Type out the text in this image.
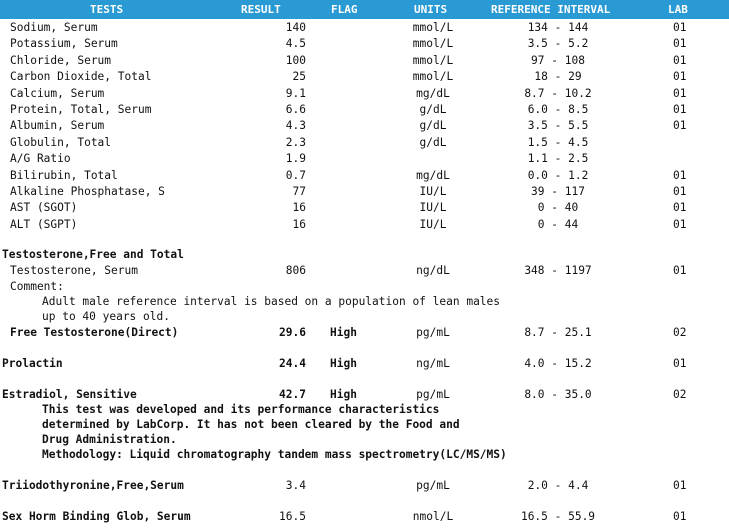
TESTS	RESULT	FLAG	UNITS	REFERENCE INTERVAL	LAB
Sodium, Serum	140	mmol/L	134 - 144	01
Potassium, Serum	4.5	mmol/L	3.5 - 5.2	01
Chloride, Serum	100	mmol/L	97 - 108	01
Carbon Dioxide, Total	25	mmol/L	18 - 29	01
Calcium, Serum	9.1	mg/dL	8.7 - 10.2	01
Protein, Total, Serum	6.6	g/dL	6.0 - 8.5	01
Albumin, Serum	4.3	g/dL	3.5 - 5.5	01
Globulin, Total	2.3	g/dL	1.5 - 4.5
A/G Ratio	1.9	1.1 - 2.5
Bilirubin, Total	0.7	mg/dL	0.0 - 1.2	01
Alkaline Phosphatase, S	77	IU/L	39 - 117	01
AST (SGOT)	16	IU/L	0 - 40	01
ALT (SGPT)	16	IU/L	0 - 44	01
Testosterone,Free and Total
Testosterone, Serum	806	ng/dL	348 - 1197	01
Comment:
Adult male reference interval is based on a population of lean males
up to 40 years old.
Free Testosterone(Direct)	29.6 High	pg/mL	8.7 - 25.1	02
Prolactin	24.4 High	ng/mL	4.0 - 15.2	01
Estradiol, Sensitive	42.7 High	pg/mL	8.0 - 35.0	02
This test was developed and its performance characteristics
determined by LabCorp. It has not been cleared by the Food and
Drug Administration.
Methodology: Liquid chromatography tandem mass spectrometry(LC/MS/MS)
Triiodothyronine,Free,Serum	3.4	pg/mL	2.0 - 4.4	01
Sex Horm Binding Glob, Serum	16.5	nmol/L	16.5 - 55.9	01
